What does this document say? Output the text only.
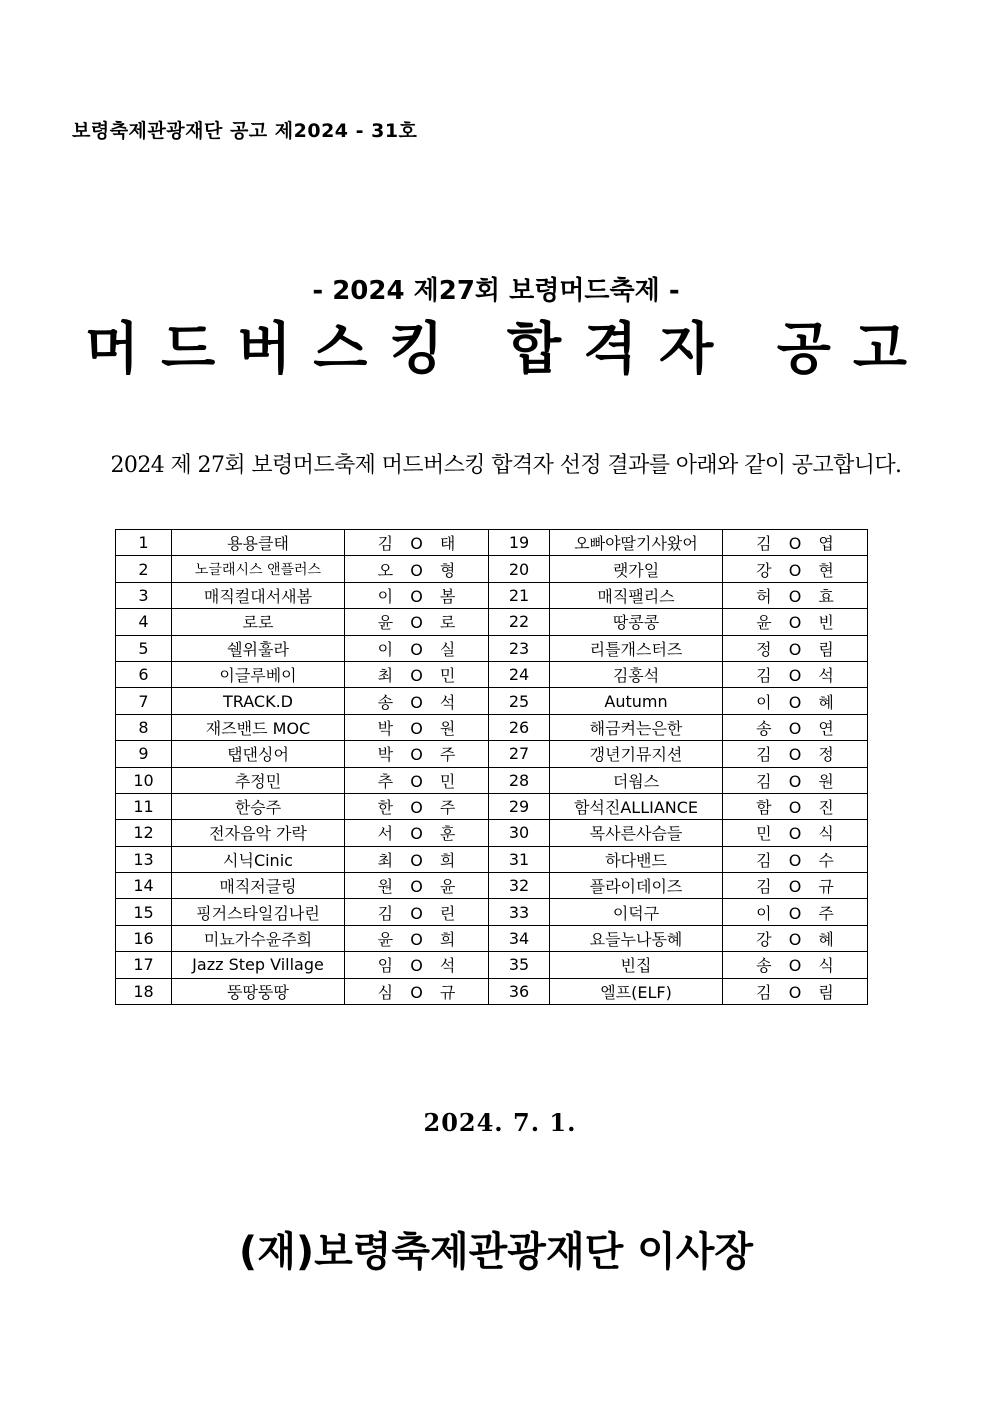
보령축제관광재단 공고 제2024 - 31호
- 2024 제27회 보령머드축제 -
머드버스킹 합격자 공고
2024 제 27회 보령머드축제 머드버스킹 합격자 선정 결과를 아래와 같이 공고합니다.
1	용용클태	김 O 태	19	오빠야딸기사왔어	김 O 엽
2	노글래시스 앤플러스	오 O 형	20	랫가일	강 O 현
3	매직컬대서새봄	이 O 봄	21	매직팰리스	허 O 효
4	로로	윤 O 로	22	땅콩콩	윤 O 빈
5	쉘위훌라	이 O 실	23	리틀개스터즈	정 O 림
6	이글루베이	최 O 민	24	김홍석	김 O 석
7	TRACK.D	송 O 석	25	Autumn	이 O 혜
8	재즈밴드 MOC	박 O 원	26	해금켜는은한	송 O 연
9	탭댄싱어	박 O 주	27	갱년기뮤지션	김 O 정
10	추정민	추 O 민	28	더웜스	김 O 원
11	한승주	한 O 주	29	함석진ALLIANCE	함 O 진
12	전자음악 가락	서 O 훈	30	목사른사슴들	민 O 식
13	시닉Cinic	최 O 희	31	하다밴드	김 O 수
14	매직저글링	원 O 윤	32	플라이데이즈	김 O 규
15	핑거스타일김나린	김 O 린	33	이덕구	이 O 주
16	미뇨가수윤주희	윤 O 희	34	요들누나동혜	강 O 혜
17	Jazz Step Village	임 O 석	35	빈집	송 O 식
18	뚱땅뚱땅	심 O 규	36	엘프(ELF)	김 O 림
2024. 7. 1.
(재)보령축제관광재단 이사장
